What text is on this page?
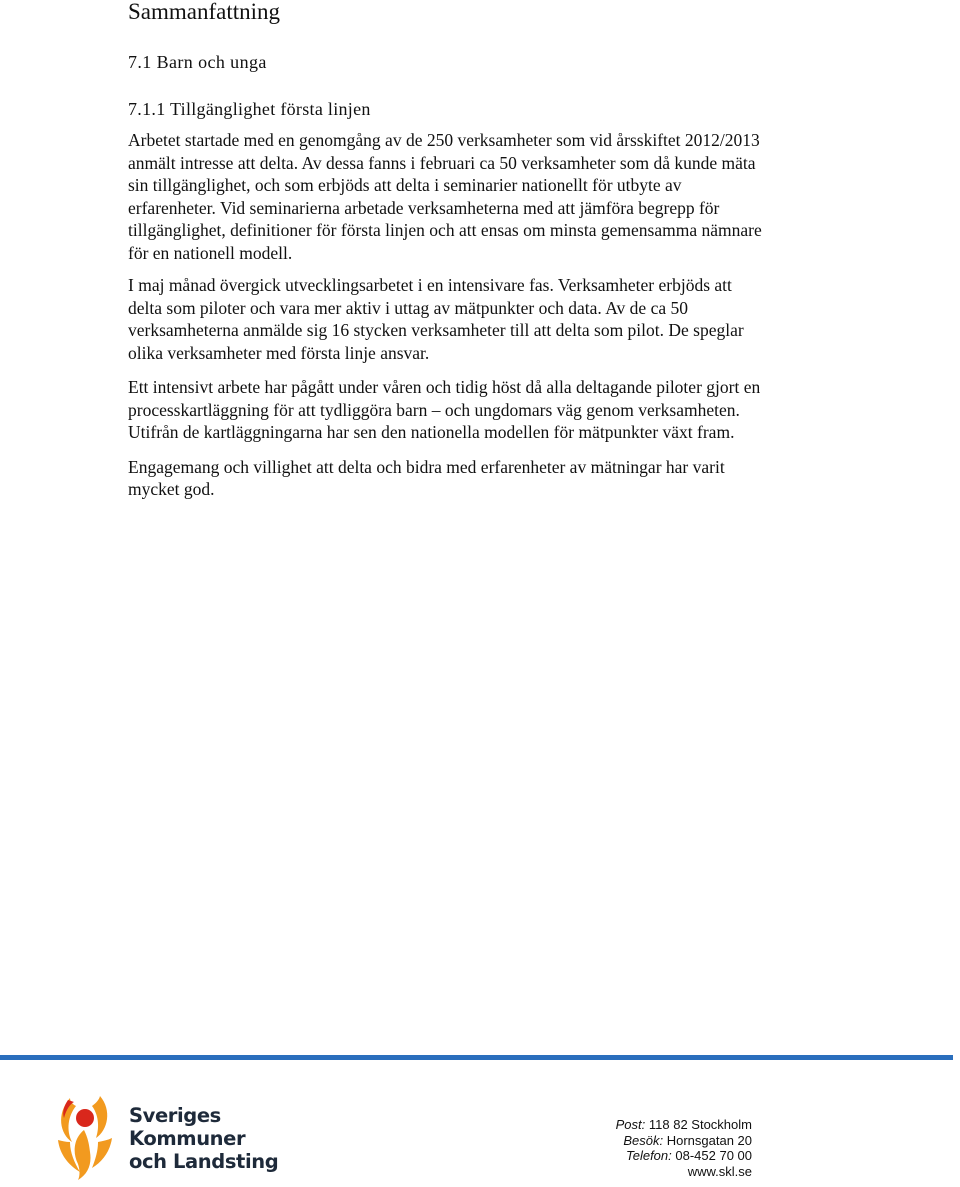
Sammanfattning
7.1 Barn och unga
7.1.1 Tillgänglighet första linjen

Arbetet startade med en genomgång av de 250 verksamheter som vid årsskiftet 2012/2013 anmält intresse att delta. Av dessa fanns i februari ca 50 verksamheter som då kunde mäta sin tillgänglighet, och som erbjöds att delta i seminarier nationellt för utbyte av erfarenheter. Vid seminarierna arbetade verksamheterna med att jämföra begrepp för tillgänglighet, definitioner för första linjen och att ensas om minsta gemensamma nämnare för en nationell modell.

I maj månad övergick utvecklingsarbetet i en intensivare fas. Verksamheter erbjöds att delta som piloter och vara mer aktiv i uttag av mätpunkter och data. Av de ca 50 verksamheterna anmälde sig 16 stycken verksamheter till att delta som pilot. De speglar olika verksamheter med första linje ansvar.

Ett intensivt arbete har pågått under våren och tidig höst då alla deltagande piloter gjort en processkartläggning för att tydliggöra barn – och ungdomars väg genom verksamheten. Utifrån de kartläggningarna har sen den nationella modellen för mätpunkter växt fram.

Engagemang och villighet att delta och bidra med erfarenheter av mätningar har varit mycket god.

Sveriges
Kommuner
och Landsting
Post: 118 82 Stockholm
Besök: Hornsgatan 20
Telefon: 08-452 70 00
www.skl.se
